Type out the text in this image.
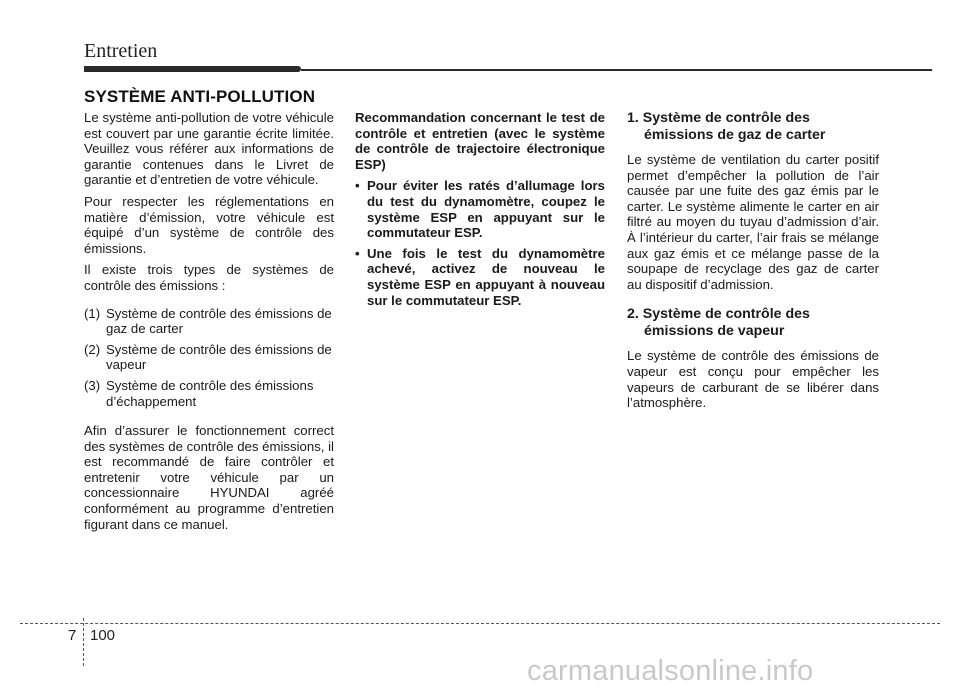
Entretien
SYSTÈME ANTI-POLLUTION

Le système anti-pollution de votre véhicule est couvert par une garantie écrite limitée. Veuillez vous référer aux informations de garantie contenues dans le Livret de garantie et d’entretien de votre véhicule.

Pour respecter les réglementations en matière d’émission, votre véhicule est équipé d’un système de contrôle des émissions.

Il existe trois types de systèmes de contrôle des émissions :

(1) Système de contrôle des émissions de gaz de carter
(2) Système de contrôle des émissions de vapeur
(3) Système de contrôle des émissions d’échappement

Afin d’assurer le fonctionnement correct des systèmes de contrôle des émissions, il est recommandé de faire contrôler et entretenir votre véhicule par un concessionnaire HYUNDAI agréé conformément au programme d’entretien figurant dans ce manuel.

Recommandation concernant le test de contrôle et entretien (avec le système de contrôle de trajectoire électronique ESP)

• Pour éviter les ratés d’allumage lors du test du dynamomètre, coupez le système ESP en appuyant sur le commutateur ESP.
• Une fois le test du dynamomètre achevé, activez de nouveau le système ESP en appuyant à nouveau sur le commutateur ESP.
1. Système de contrôle des émissions de gaz de carter

Le système de ventilation du carter positif permet d’empêcher la pollution de l’air causée par une fuite des gaz émis par le carter. Le système alimente le carter en air filtré au moyen du tuyau d’admission d’air. À l’intérieur du carter, l’air frais se mélange aux gaz émis et ce mélange passe de la soupape de recyclage des gaz de carter au dispositif d’admission.

2. Système de contrôle des émissions de vapeur

Le système de contrôle des émissions de vapeur est conçu pour empêcher les vapeurs de carburant de se libérer dans l’atmosphère.

7 100
carmanualsonline.info
